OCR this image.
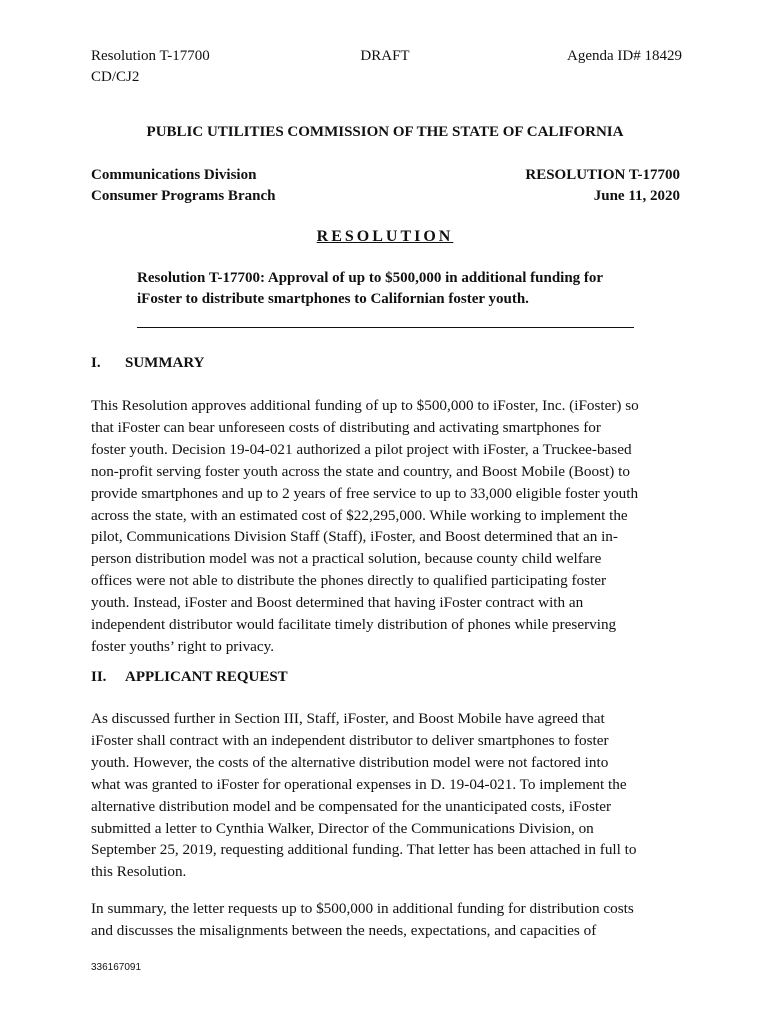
Resolution T-17700	DRAFT	Agenda ID# 18429
CD/CJ2
PUBLIC UTILITIES COMMISSION OF THE STATE OF CALIFORNIA
Communications Division
Consumer Programs Branch
RESOLUTION T-17700
June 11, 2020
RESOLUTION
Resolution T-17700: Approval of up to $500,000 in additional funding for
iFoster to distribute smartphones to Californian foster youth.
I. SUMMARY
This Resolution approves additional funding of up to $500,000 to iFoster, Inc. (iFoster) so
that iFoster can bear unforeseen costs of distributing and activating smartphones for
foster youth. Decision 19-04-021 authorized a pilot project with iFoster, a Truckee-based
non-profit serving foster youth across the state and country, and Boost Mobile (Boost) to
provide smartphones and up to 2 years of free service to up to 33,000 eligible foster youth
across the state, with an estimated cost of $22,295,000. While working to implement the
pilot, Communications Division Staff (Staff), iFoster, and Boost determined that an in-
person distribution model was not a practical solution, because county child welfare
offices were not able to distribute the phones directly to qualified participating foster
youth. Instead, iFoster and Boost determined that having iFoster contract with an
independent distributor would facilitate timely distribution of phones while preserving
foster youths’ right to privacy.
II. APPLICANT REQUEST
As discussed further in Section III, Staff, iFoster, and Boost Mobile have agreed that
iFoster shall contract with an independent distributor to deliver smartphones to foster
youth. However, the costs of the alternative distribution model were not factored into
what was granted to iFoster for operational expenses in D. 19-04-021. To implement the
alternative distribution model and be compensated for the unanticipated costs, iFoster
submitted a letter to Cynthia Walker, Director of the Communications Division, on
September 25, 2019, requesting additional funding. That letter has been attached in full to
this Resolution.
In summary, the letter requests up to $500,000 in additional funding for distribution costs
and discusses the misalignments between the needs, expectations, and capacities of
336167091
